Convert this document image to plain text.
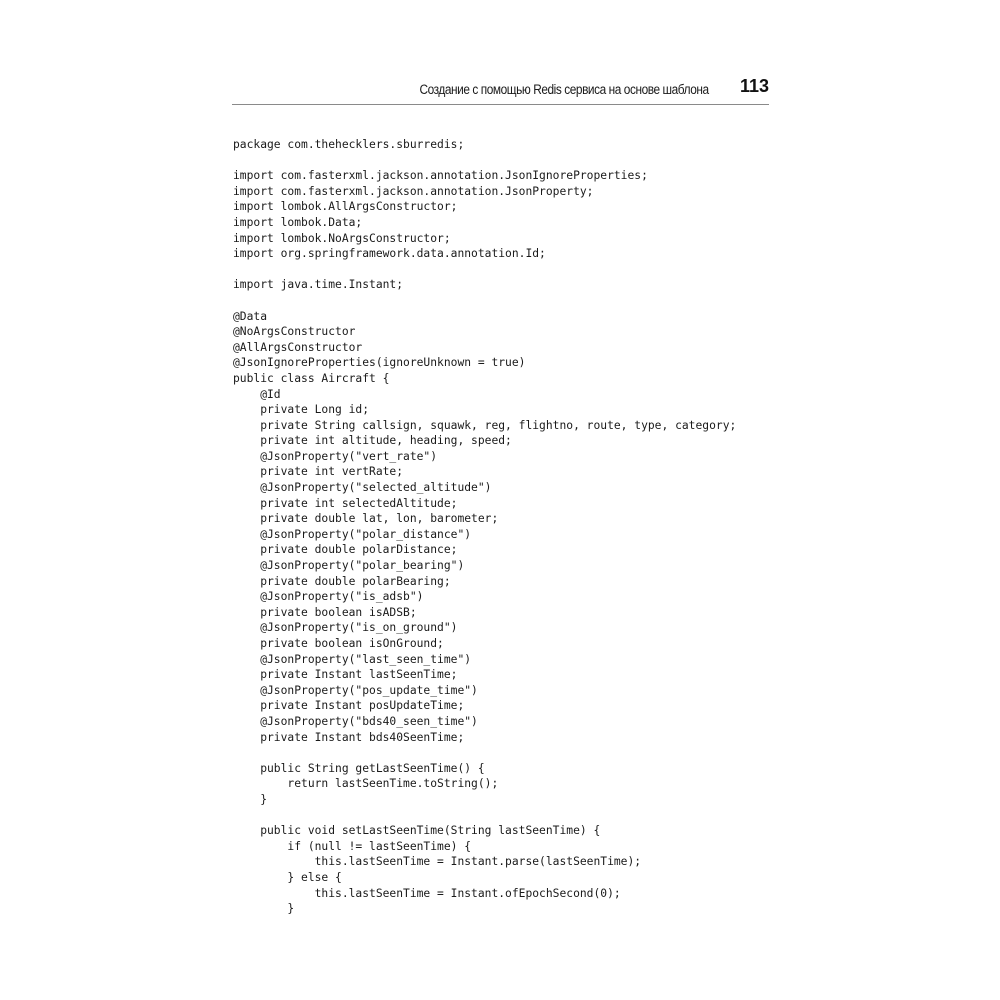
Создание с помощью Redis сервиса на основе шаблона 113
package com.thehecklers.sburredis;
import com.fasterxml.jackson.annotation.JsonIgnoreProperties;
import com.fasterxml.jackson.annotation.JsonProperty;
import lombok.AllArgsConstructor;
import lombok.Data;
import lombok.NoArgsConstructor;
import org.springframework.data.annotation.Id;
import java.time.Instant;
@Data
@NoArgsConstructor
@AllArgsConstructor
@JsonIgnoreProperties(ignoreUnknown = true)
public class Aircraft {
@Id
private Long id;
private String callsign, squawk, reg, flightno, route, type, category;
private int altitude, heading, speed;
@JsonProperty("vert_rate")
private int vertRate;
@JsonProperty("selected_altitude")
private int selectedAltitude;
private double lat, lon, barometer;
@JsonProperty("polar_distance")
private double polarDistance;
@JsonProperty("polar_bearing")
private double polarBearing;
@JsonProperty("is_adsb")
private boolean isADSB;
@JsonProperty("is_on_ground")
private boolean isOnGround;
@JsonProperty("last_seen_time")
private Instant lastSeenTime;
@JsonProperty("pos_update_time")
private Instant posUpdateTime;
@JsonProperty("bds40_seen_time")
private Instant bds40SeenTime;
public String getLastSeenTime() {
return lastSeenTime.toString();
}
public void setLastSeenTime(String lastSeenTime) {
if (null != lastSeenTime) {
this.lastSeenTime = Instant.parse(lastSeenTime);
} else {
this.lastSeenTime = Instant.ofEpochSecond(0);
}
